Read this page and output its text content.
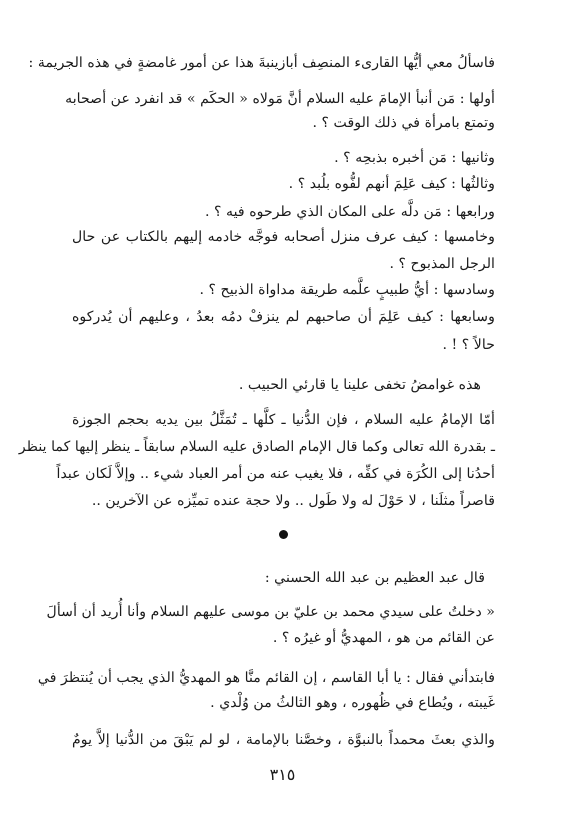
فاسألُ معي أيُّها القارىء المنصِف أبازينبةَ هذا عن أمور غامضةٍ في هذه الجريمة :
أولها : مَن أنبأ الإمامَ عليه السلام أنَّ مَولاه « الحكَم » قد انفرد عن أصحابه
وتمتع بامرأة في ذلك الوقت ؟ .
وثانيها : مَن أخبره بذبحِه ؟ .
وثالثُها : كيف عَلِمَ أنهم لفُّوه بلُبد ؟ .
ورابعها : مَن دلَّه على المكان الذي طرحوه فيه ؟ .
وخامسها : كيف عرف منزل أصحابه فوجَّه خادمه إليهم بالكتاب عن حال
الرجل المذبوح ؟ .
وسادسها : أيُّ طبيبٍ علَّمه طريقة مداواة الذبيح ؟ .
وسابعها : كيف عَلِمَ أن صاحبهم لم ينزفْ دمُه بعدُ ، وعليهم أن يُدركوه
حالاً ؟ ! .
هذه غوامضُ تخفى علينا يا قارئي الحبيب .
أمّا الإمامُ عليه السلام ، فإن الدُّنيا ـ كلَّها ـ تُمَثَّلُ بين يديه بحجم الجوزة
ـ بقدرة الله تعالى وكما قال الإمام الصادق عليه السلام سابقاً ـ ينظر إليها كما ينظر
أحدُنا إلى الكُرَة في كفِّه ، فلا يغيب عنه من أمر العباد شيء .. وإلاَّ لَكان عبداً
قاصراً مثلَنا ، لا حَوْلَ له ولا طَول .. ولا حجة عنده تميِّزه عن الآخرين ..
قال عبد العظيم بن عبد الله الحسني :
« دخلتُ على سيدي محمد بن عليّ بن موسى عليهم السلام وأنا أُريد أن أسألَ
عن القائم من هو ، المهديُّ أو غيرُه ؟ .
فابتدأني فقال : يا أبا القاسم ، إن القائم منَّا هو المهديُّ الذي يجب أن يُنتظرَ في
غَيبته ، ويُطاع في ظُهوره ، وهو الثالثُ من وُلْدي .
والذي بعثَ محمداً بالنبوَّة ، وخصَّنا بالإمامة ، لو لم يَبْقَ من الدُّنيا إلاَّ يومٌ
٣١٥
